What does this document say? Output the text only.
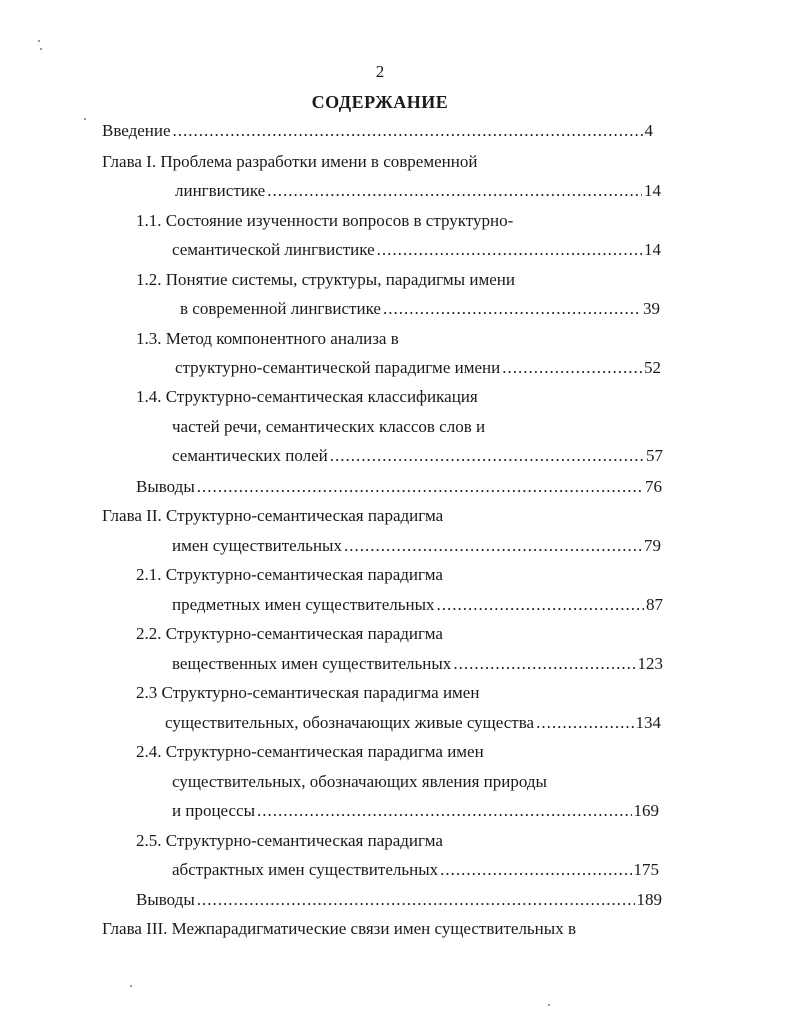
2
СОДЕРЖАНИЕ
Введение .....	4
Глава I. Проблема разработки имени в современной
лингвистике .....	14
1.1. Состояние изученности вопросов в структурно-
семантической лингвистике .....	14
1.2. Понятие системы, структуры, парадигмы имени
в современной лингвистике .....	39
1.3. Метод компонентного анализа в
структурно-семантической парадигме имени .....	52
1.4. Структурно-семантическая классификация
частей речи, семантических классов слов и
семантических полей .....	57
Выводы .....	76
Глава II. Структурно-семантическая парадигма
имен существительных .....	79
2.1. Структурно-семантическая парадигма
предметных имен существительных .....	87
2.2. Структурно-семантическая парадигма
вещественных имен существительных .....	123
2.3 Структурно-семантическая парадигма имен
существительных, обозначающих живые существа .....	134
2.4. Структурно-семантическая парадигма имен
существительных, обозначающих явления природы
и процессы .....	169
2.5. Структурно-семантическая парадигма
абстрактных имен существительных .....	175
Выводы .....	189
Глава III. Межпарадигматические связи имен существительных в
